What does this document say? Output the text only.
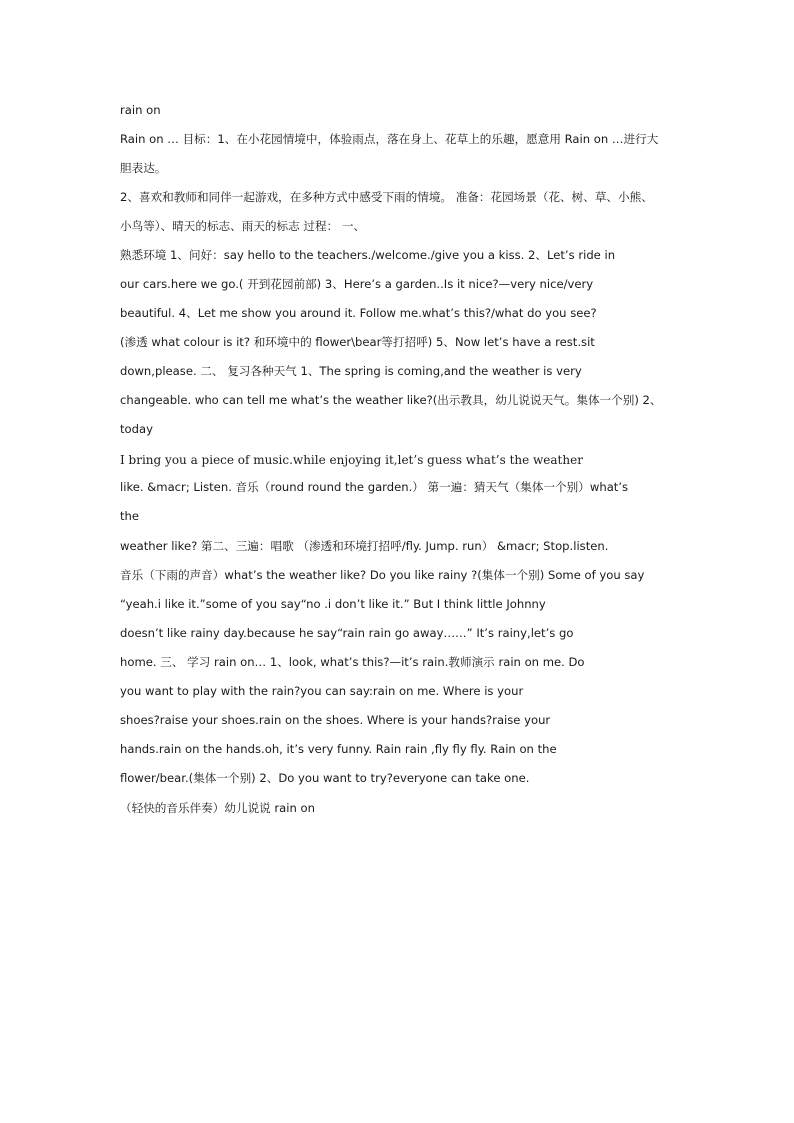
rain on
Rain on … 目标：1、在小花园情境中，体验雨点，落在身上、花草上的乐趣，愿意用 Rain on …进行大
胆表达。
2、喜欢和教师和同伴一起游戏，在多种方式中感受下雨的情境。 准备：花园场景（花、树、草、小熊、
小鸟等）、晴天的标志、雨天的标志 过程： 一、
熟悉环境 1、问好：say hello to the teachers./welcome./give you a kiss. 2、Let’s ride in
our cars.here we go.( 开到花园前部) 3、Here’s a garden..Is it nice?—very nice/very
beautiful. 4、Let me show you around it. Follow me.what’s this?/what do you see?
(渗透 what colour is it? 和环境中的 flower\bear等打招呼) 5、Now let’s have a rest.sit
down,please. 二、 复习各种天气 1、The spring is coming,and the weather is very
changeable. who can tell me what’s the weather like?(出示教具，幼儿说说天气。集体一个别) 2、
today
I bring you a piece of music.while enjoying it,let’s guess what’s the weather
like. &macr; Listen. 音乐（round round the garden.） 第一遍：猜天气（集体一个别）what’s
the
weather like? 第二、三遍：唱歌 （渗透和环境打招呼/fly. Jump. run） &macr; Stop.listen.
音乐（下雨的声音）what’s the weather like? Do you like rainy ?(集体一个别) Some of you say
“yeah.i like it.”some of you say“no .i don’t like it.” But I think little Johnny
doesn’t like rainy day.because he say“rain rain go away……” It’s rainy,let’s go
home. 三、 学习 rain on… 1、look, what’s this?—it’s rain.教师演示 rain on me. Do
you want to play with the rain?you can say:rain on me. Where is your
shoes?raise your shoes.rain on the shoes. Where is your hands?raise your
hands.rain on the hands.oh, it’s very funny. Rain rain ,fly fly fly. Rain on the
flower/bear.(集体一个别) 2、Do you want to try?everyone can take one.
（轻快的音乐伴奏）幼儿说说 rain on
